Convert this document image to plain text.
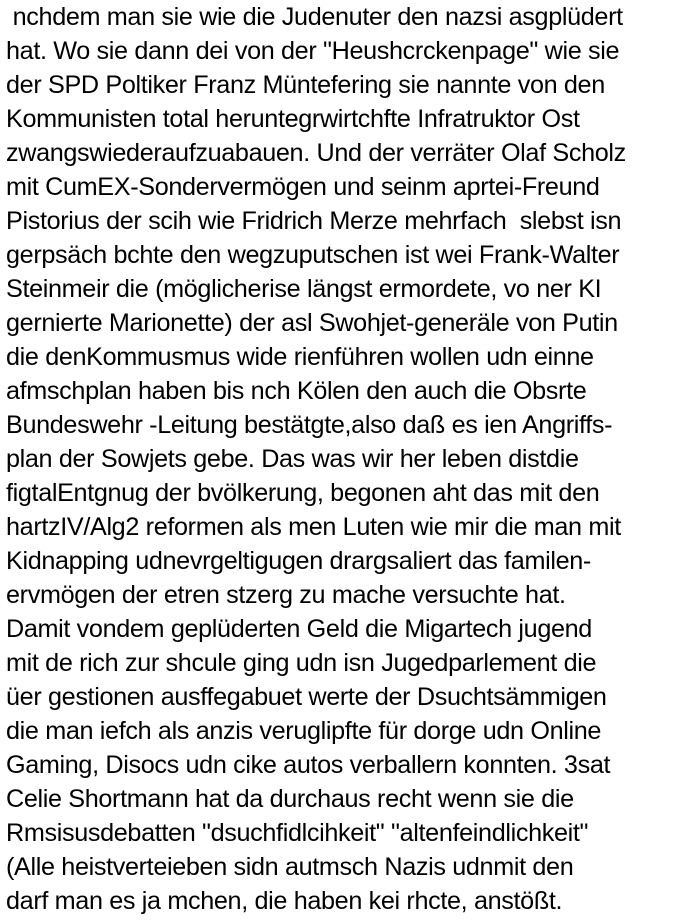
nchdem man sie wie die Judenuter den nazsi asgplüdert
hat. Wo sie dann dei von der "Heushcrckenpage" wie sie
der SPD Poltiker Franz Müntefering sie nannte von den
Kommunisten total heruntegrwirtchfte Infratruktor Ost
zwangswiederaufzuabauen. Und der verräter Olaf Scholz
mit CumEX-Sondervermögen und seinm aprtei-Freund
Pistorius der scih wie Fridrich Merze mehrfach  slebst isn
gerpsäch bchte den wegzuputschen ist wei Frank-Walter
Steinmeir die (möglicherise längst ermordete, vo ner KI
gernierte Marionette) der asl Swohjet-generäle von Putin
die denKommusmus wide rienführen wollen udn einne
afmschplan haben bis nch Kölen den auch die Obsrte
Bundeswehr -Leitung bestätgte,also daß es ien Angriffs-
plan der Sowjets gebe. Das was wir her leben distdie
figtalEntgnug der bvölkerung, begonen aht das mit den
hartzIV/Alg2 reformen als men Luten wie mir die man mit
Kidnapping udnevrgeltigugen drargsaliert das familen-
ervmögen der etren stzerg zu mache versuchte hat.
Damit vondem geplüderten Geld die Migartech jugend
mit de rich zur shcule ging udn isn Jugedparlement die
üer gestionen ausffegabuet werte der Dsuchtsämmigen
die man iefch als anzis veruglipfte für dorge udn Online
Gaming, Disocs udn cike autos verballern konnten. 3sat
Celie Shortmann hat da durchaus recht wenn sie die
Rmsisusdebatten "dsuchfidlcihkeit" "altenfeindlichkeit"
(Alle heistverteieben sidn autmsch Nazis udnmit den
darf man es ja mchen, die haben kei rhcte, anstößt.
